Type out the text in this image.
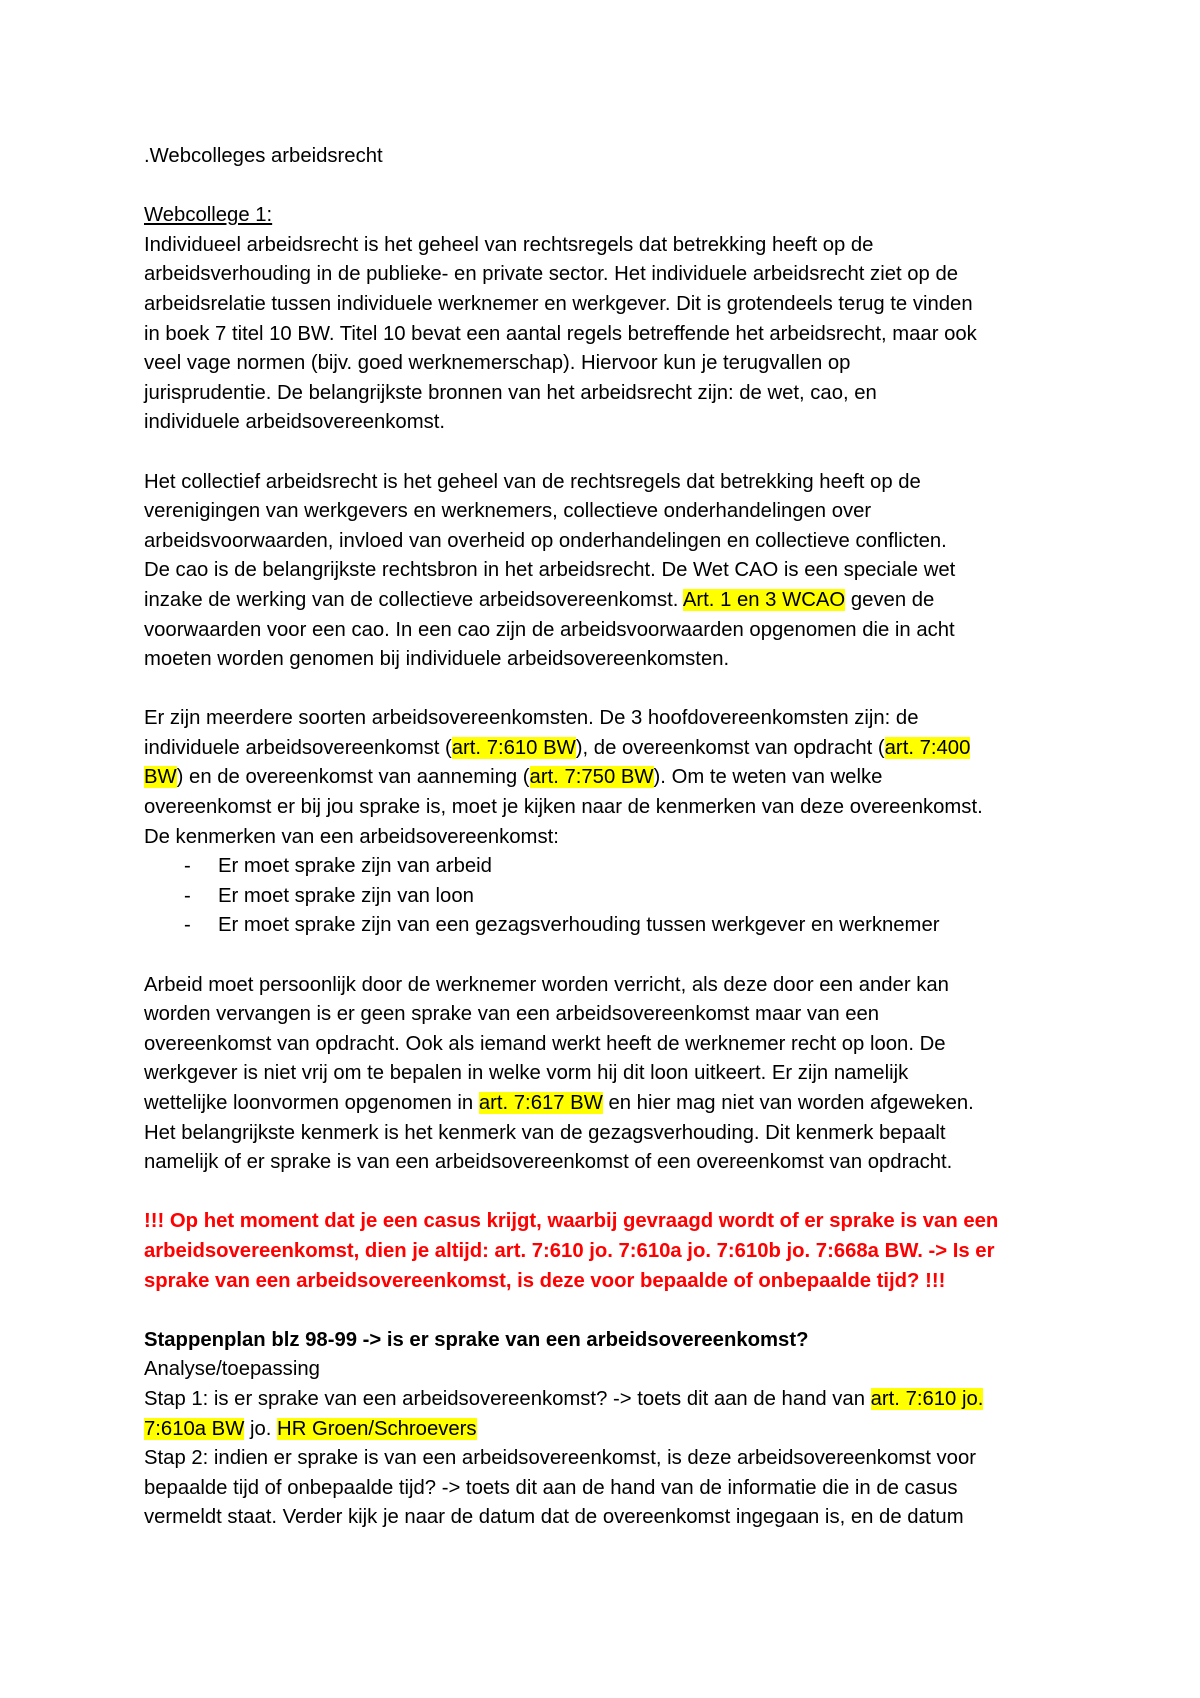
.Webcolleges arbeidsrecht
Webcollege 1:
Individueel arbeidsrecht is het geheel van rechtsregels dat betrekking heeft op de
arbeidsverhouding in de publieke- en private sector. Het individuele arbeidsrecht ziet op de
arbeidsrelatie tussen individuele werknemer en werkgever. Dit is grotendeels terug te vinden
in boek 7 titel 10 BW. Titel 10 bevat een aantal regels betreffende het arbeidsrecht, maar ook
veel vage normen (bijv. goed werknemerschap). Hiervoor kun je terugvallen op
jurisprudentie. De belangrijkste bronnen van het arbeidsrecht zijn: de wet, cao, en
individuele arbeidsovereenkomst.
Het collectief arbeidsrecht is het geheel van de rechtsregels dat betrekking heeft op de
verenigingen van werkgevers en werknemers, collectieve onderhandelingen over
arbeidsvoorwaarden, invloed van overheid op onderhandelingen en collectieve conflicten.
De cao is de belangrijkste rechtsbron in het arbeidsrecht. De Wet CAO is een speciale wet
inzake de werking van de collectieve arbeidsovereenkomst. Art. 1 en 3 WCAO geven de
voorwaarden voor een cao. In een cao zijn de arbeidsvoorwaarden opgenomen die in acht
moeten worden genomen bij individuele arbeidsovereenkomsten.
Er zijn meerdere soorten arbeidsovereenkomsten. De 3 hoofdovereenkomsten zijn: de
individuele arbeidsovereenkomst (art. 7:610 BW), de overeenkomst van opdracht (art. 7:400
BW) en de overeenkomst van aanneming (art. 7:750 BW). Om te weten van welke
overeenkomst er bij jou sprake is, moet je kijken naar de kenmerken van deze overeenkomst.
De kenmerken van een arbeidsovereenkomst:
- Er moet sprake zijn van arbeid
- Er moet sprake zijn van loon
- Er moet sprake zijn van een gezagsverhouding tussen werkgever en werknemer
Arbeid moet persoonlijk door de werknemer worden verricht, als deze door een ander kan
worden vervangen is er geen sprake van een arbeidsovereenkomst maar van een
overeenkomst van opdracht. Ook als iemand werkt heeft de werknemer recht op loon. De
werkgever is niet vrij om te bepalen in welke vorm hij dit loon uitkeert. Er zijn namelijk
wettelijke loonvormen opgenomen in art. 7:617 BW en hier mag niet van worden afgeweken.
Het belangrijkste kenmerk is het kenmerk van de gezagsverhouding. Dit kenmerk bepaalt
namelijk of er sprake is van een arbeidsovereenkomst of een overeenkomst van opdracht.
!!! Op het moment dat je een casus krijgt, waarbij gevraagd wordt of er sprake is van een
arbeidsovereenkomst, dien je altijd: art. 7:610 jo. 7:610a jo. 7:610b jo. 7:668a BW. -> Is er
sprake van een arbeidsovereenkomst, is deze voor bepaalde of onbepaalde tijd? !!!
Stappenplan blz 98-99 -> is er sprake van een arbeidsovereenkomst?
Analyse/toepassing
Stap 1: is er sprake van een arbeidsovereenkomst? -> toets dit aan de hand van art. 7:610 jo.
7:610a BW jo. HR Groen/Schroevers
Stap 2: indien er sprake is van een arbeidsovereenkomst, is deze arbeidsovereenkomst voor
bepaalde tijd of onbepaalde tijd? -> toets dit aan de hand van de informatie die in de casus
vermeldt staat. Verder kijk je naar de datum dat de overeenkomst ingegaan is, en de datum
